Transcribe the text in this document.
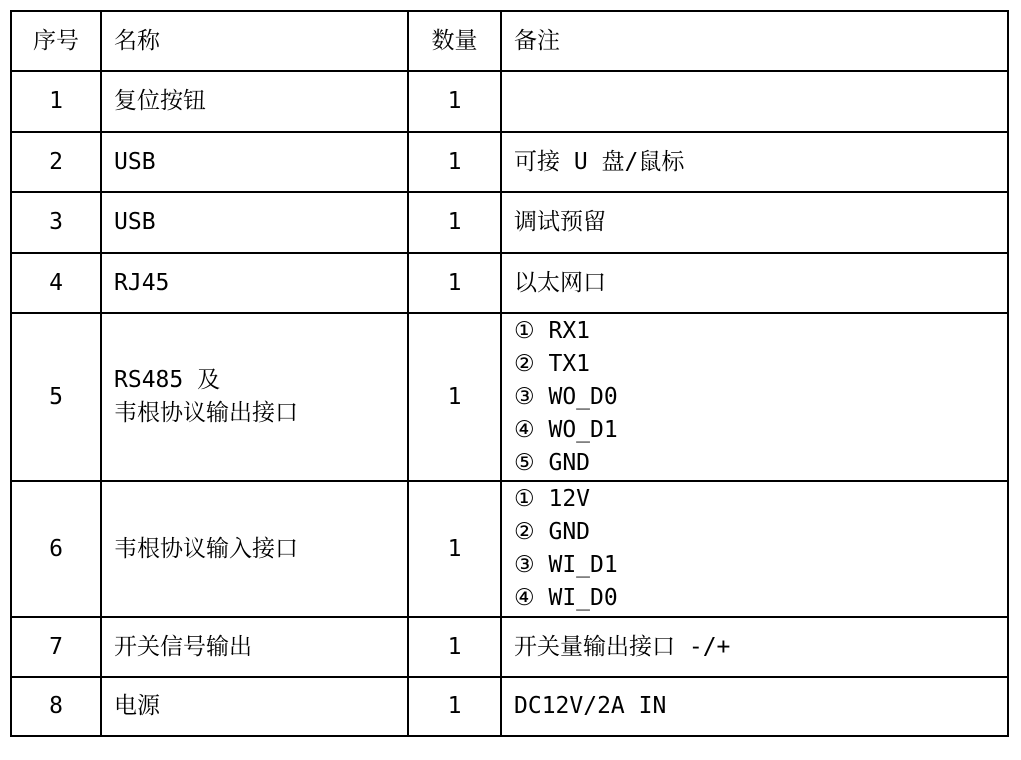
序号	名称	数量	备注
1	复位按钮	1	
2	USB	1	可接 U 盘/鼠标

3	USB	1	调试预留

4	RJ45	1	以太网口

5	RS485 及
韦根协议输出接口	1	① RX1
② TX1
③ WO_D0
④ WO_D1
⑤ GND

6	韦根协议输入接口	1	① 12V
② GND
③ WI_D1
④ WI_D0

7	开关信号输出	1	开关量输出接口 -/+

8	电源	1	DC12V/2A IN
